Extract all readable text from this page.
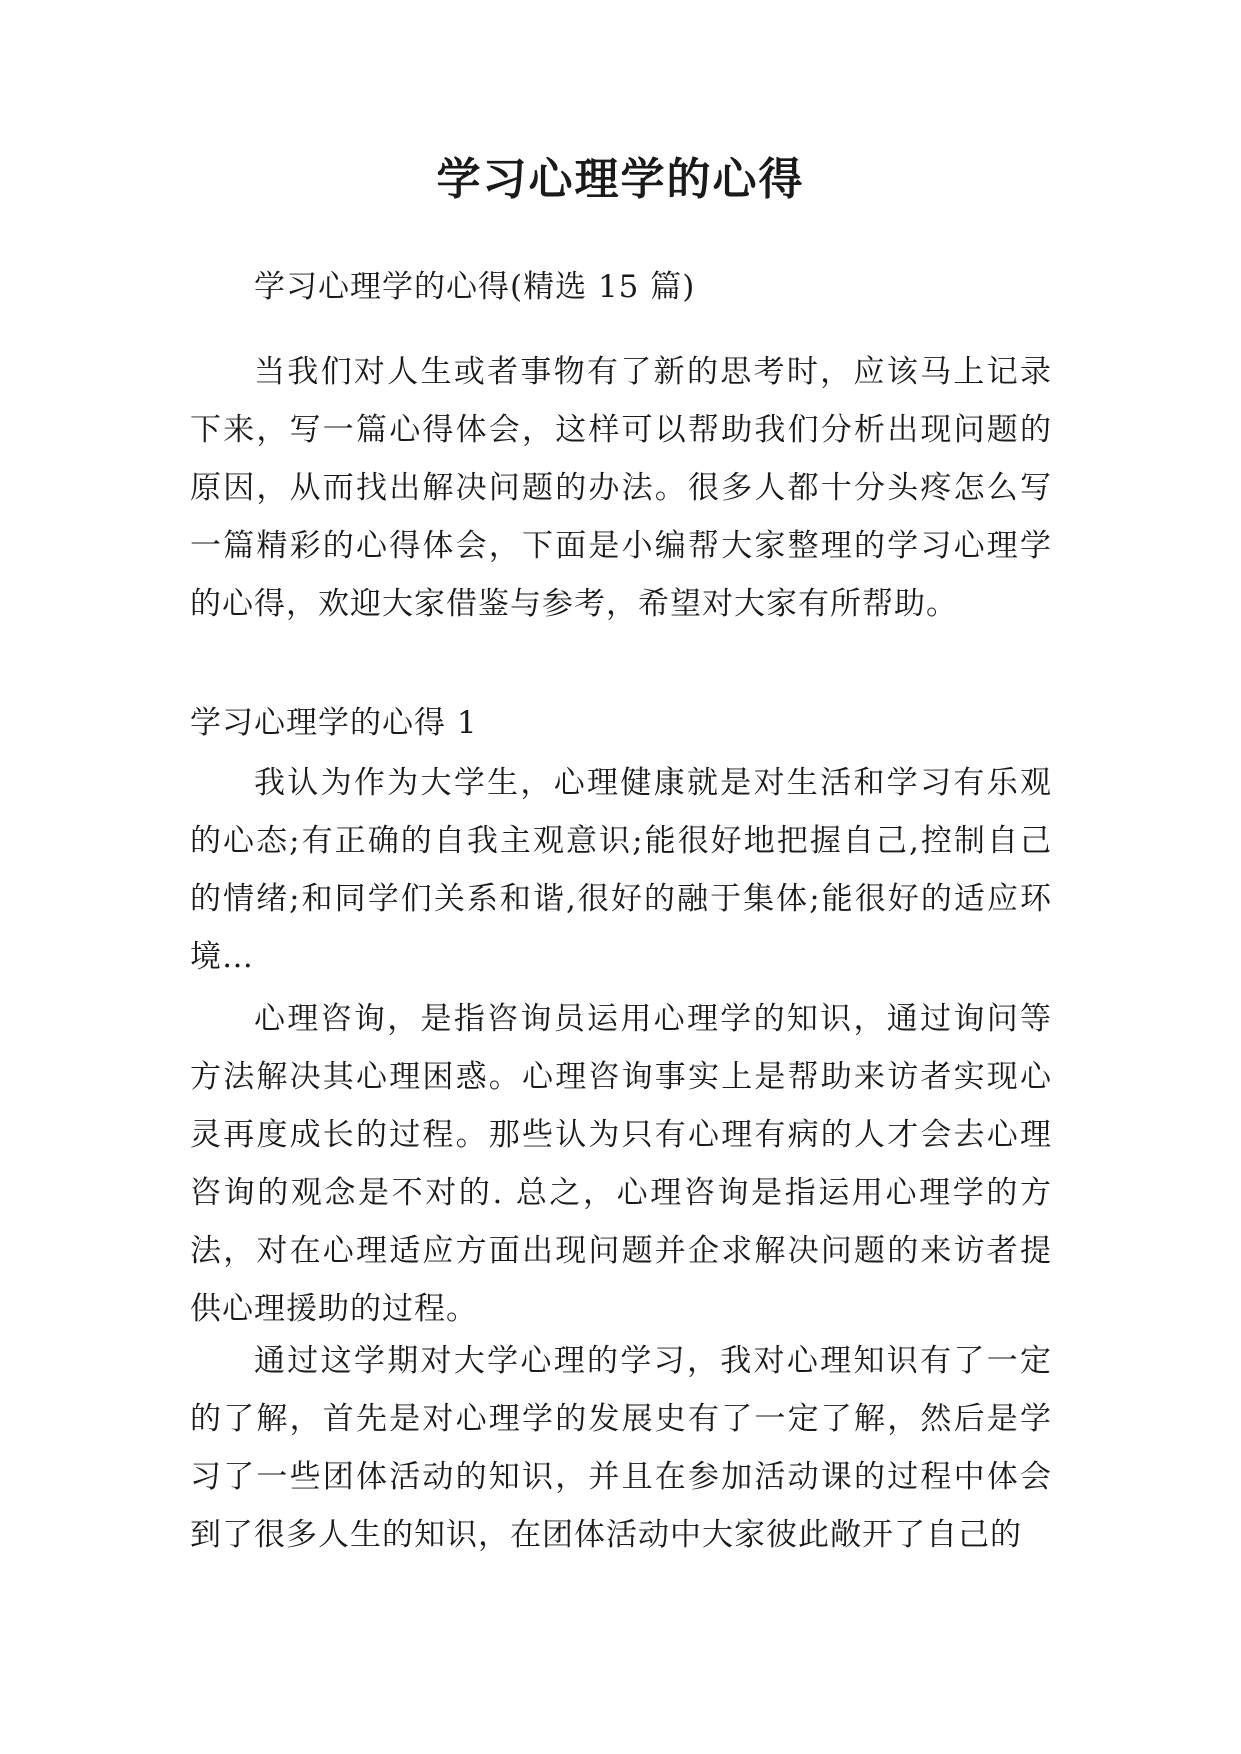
学习心理学的心得

学习心理学的心得(精选 15 篇)

当我们对人生或者事物有了新的思考时，应该马上记录下来，写一篇心得体会，这样可以帮助我们分析出现问题的原因，从而找出解决问题的办法。很多人都十分头疼怎么写一篇精彩的心得体会，下面是小编帮大家整理的学习心理学的心得，欢迎大家借鉴与参考，希望对大家有所帮助。

学习心理学的心得 1

我认为作为大学生，心理健康就是对生活和学习有乐观的心态;有正确的自我主观意识;能很好地把握自己,控制自己的情绪;和同学们关系和谐,很好的融于集体;能很好的适应环境…

心理咨询，是指咨询员运用心理学的知识，通过询问等方法解决其心理困惑。心理咨询事实上是帮助来访者实现心灵再度成长的过程。那些认为只有心理有病的人才会去心理咨询的观念是不对的. 总之，心理咨询是指运用心理学的方法，对在心理适应方面出现问题并企求解决问题的来访者提供心理援助的过程。

通过这学期对大学心理的学习，我对心理知识有了一定的了解，首先是对心理学的发展史有了一定了解，然后是学习了一些团体活动的知识，并且在参加活动课的过程中体会到了很多人生的知识，在团体活动中大家彼此敞开了自己的
